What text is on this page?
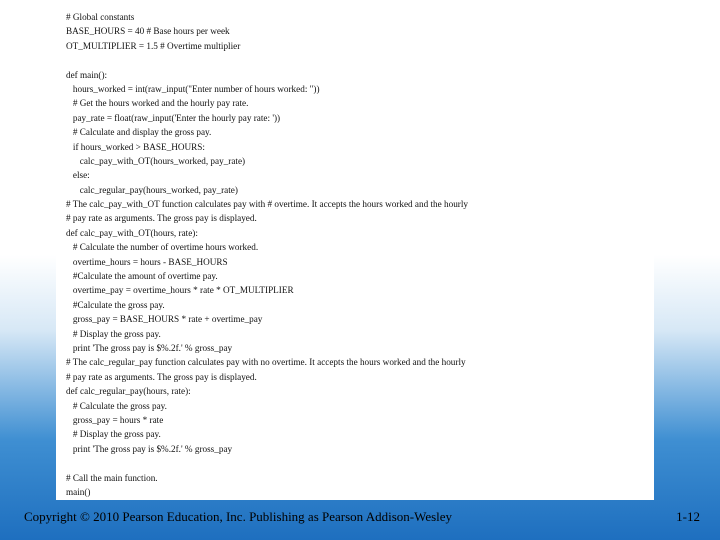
# Global constants
BASE_HOURS = 40 # Base hours per week
OT_MULTIPLIER = 1.5 # Overtime multiplier
def main():
hours_worked = int(raw_input("Enter number of hours worked: "))
# Get the hours worked and the hourly pay rate.
pay_rate = float(raw_input('Enter the hourly pay rate: '))
# Calculate and display the gross pay.
if hours_worked > BASE_HOURS:
calc_pay_with_OT(hours_worked, pay_rate)
else:
calc_regular_pay(hours_worked, pay_rate)
# The calc_pay_with_OT function calculates pay with # overtime. It accepts the hours worked and the hourly
# pay rate as arguments. The gross pay is displayed.
def calc_pay_with_OT(hours, rate):
# Calculate the number of overtime hours worked.
overtime_hours = hours - BASE_HOURS
#Calculate the amount of overtime pay.
overtime_pay = overtime_hours * rate * OT_MULTIPLIER
#Calculate the gross pay.
gross_pay = BASE_HOURS * rate + overtime_pay
# Display the gross pay.
print 'The gross pay is $%.2f.' % gross_pay
# The calc_regular_pay function calculates pay with no overtime. It accepts the hours worked and the hourly
# pay rate as arguments. The gross pay is displayed.
def calc_regular_pay(hours, rate):
# Calculate the gross pay.
gross_pay = hours * rate
# Display the gross pay.
print 'The gross pay is $%.2f.' % gross_pay
# Call the main function.
main()
Copyright © 2010 Pearson Education, Inc. Publishing as Pearson Addison-Wesley	1-12
